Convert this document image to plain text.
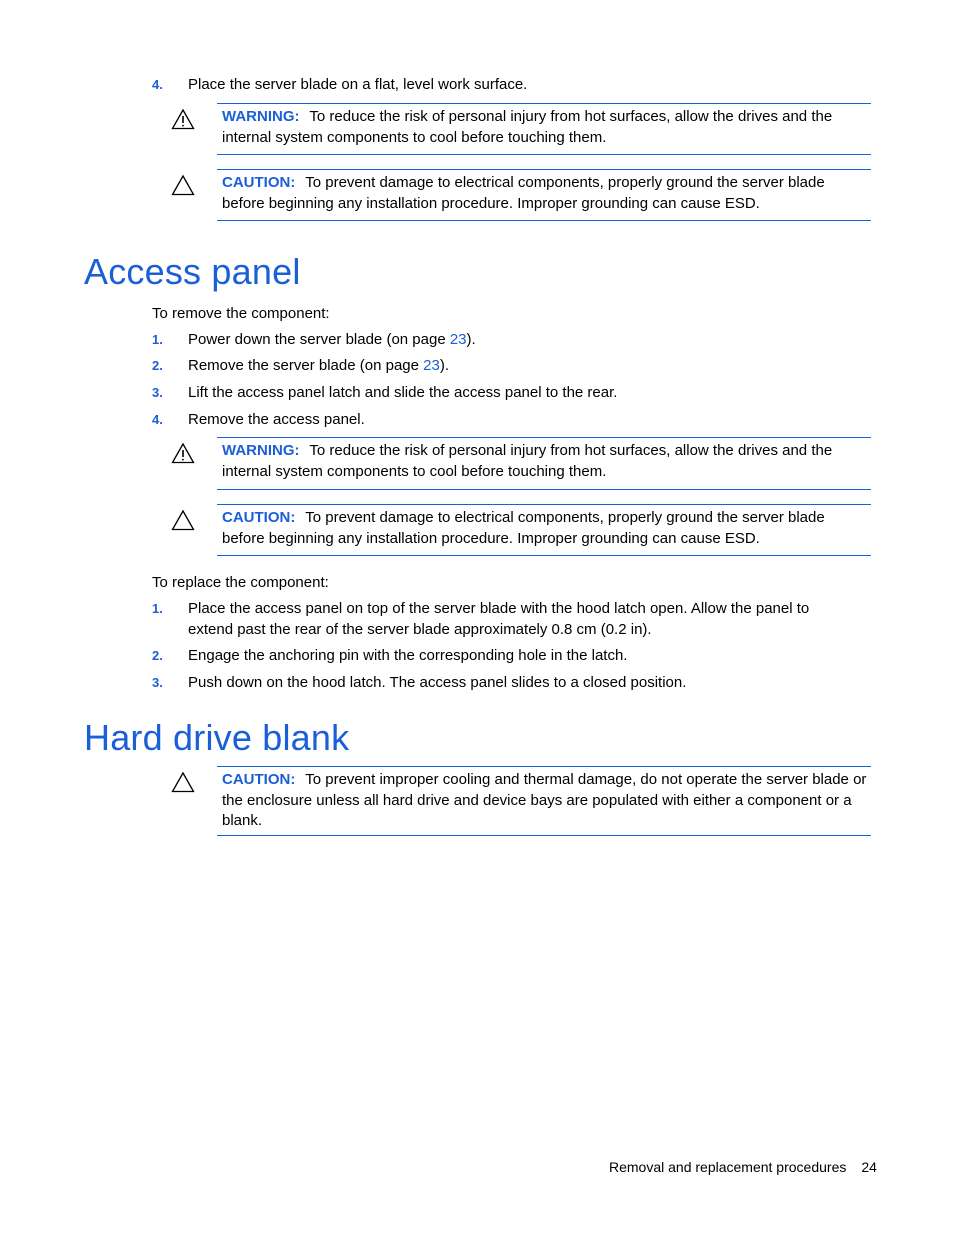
4. Place the server blade on a flat, level work surface.
WARNING: To reduce the risk of personal injury from hot surfaces, allow the drives and the internal system components to cool before touching them.
CAUTION: To prevent damage to electrical components, properly ground the server blade before beginning any installation procedure. Improper grounding can cause ESD.
Access panel
To remove the component:
1. Power down the server blade (on page 23).
2. Remove the server blade (on page 23).
3. Lift the access panel latch and slide the access panel to the rear.
4. Remove the access panel.
WARNING: To reduce the risk of personal injury from hot surfaces, allow the drives and the internal system components to cool before touching them.
CAUTION: To prevent damage to electrical components, properly ground the server blade before beginning any installation procedure. Improper grounding can cause ESD.
To replace the component:
1. Place the access panel on top of the server blade with the hood latch open. Allow the panel to extend past the rear of the server blade approximately 0.8 cm (0.2 in).
2. Engage the anchoring pin with the corresponding hole in the latch.
3. Push down on the hood latch. The access panel slides to a closed position.
Hard drive blank
CAUTION: To prevent improper cooling and thermal damage, do not operate the server blade or the enclosure unless all hard drive and device bays are populated with either a component or a blank.
Removal and replacement procedures 24
